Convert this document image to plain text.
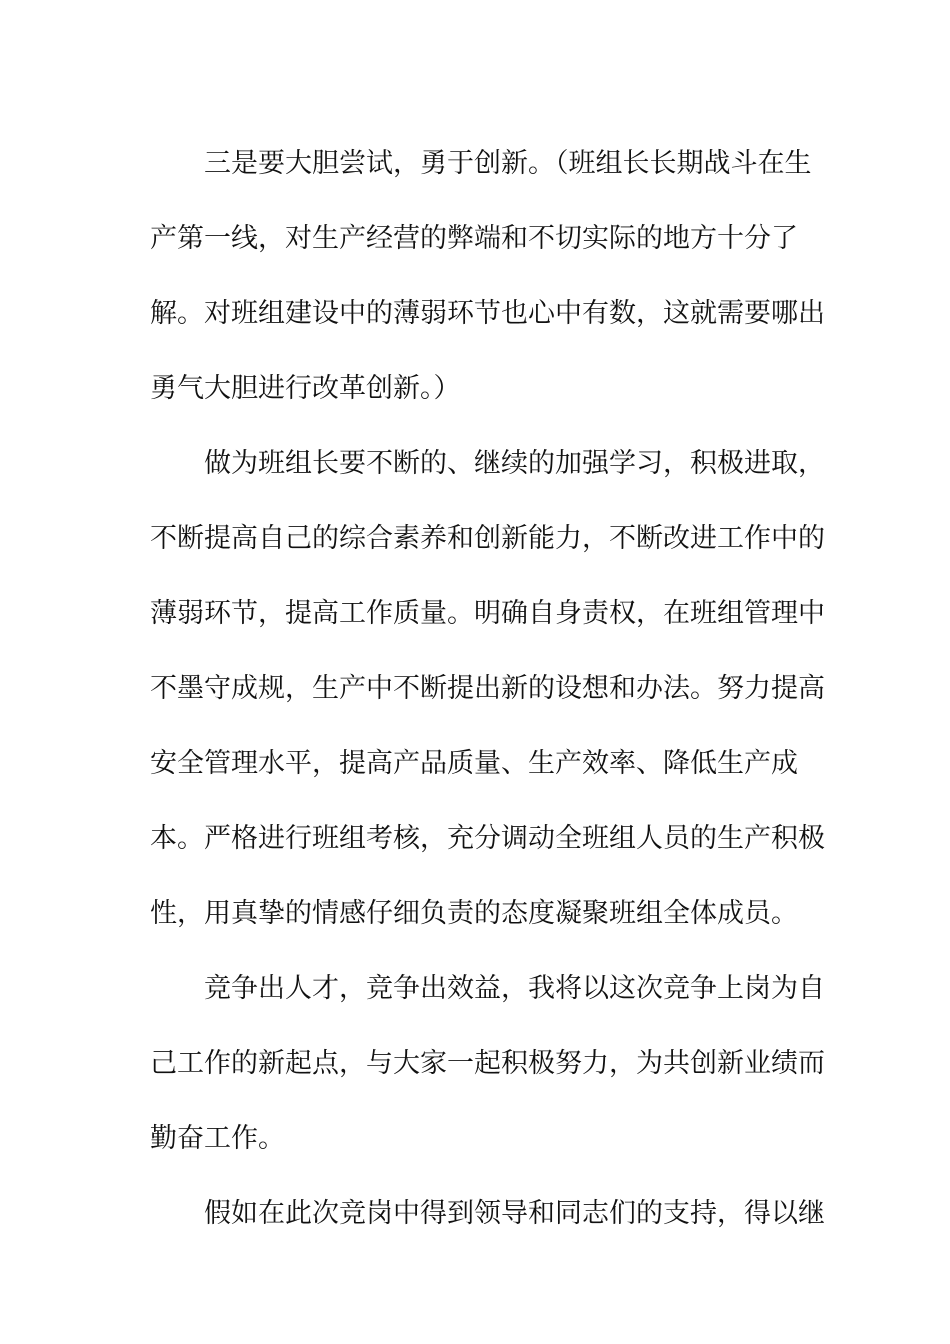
三是要大胆尝试，勇于创新。（班组长长期战斗在生
产第一线，对生产经营的弊端和不切实际的地方十分了
解。对班组建设中的薄弱环节也心中有数，这就需要哪出
勇气大胆进行改革创新。）
做为班组长要不断的、继续的加强学习，积极进取，
不断提高自己的综合素养和创新能力，不断改进工作中的
薄弱环节，提高工作质量。明确自身责权，在班组管理中
不墨守成规，生产中不断提出新的设想和办法。努力提高
安全管理水平，提高产品质量、生产效率、降低生产成
本。严格进行班组考核，充分调动全班组人员的生产积极
性，用真挚的情感仔细负责的态度凝聚班组全体成员。
竞争出人才，竞争出效益，我将以这次竞争上岗为自
己工作的新起点，与大家一起积极努力，为共创新业绩而
勤奋工作。
假如在此次竞岗中得到领导和同志们的支持，得以继
